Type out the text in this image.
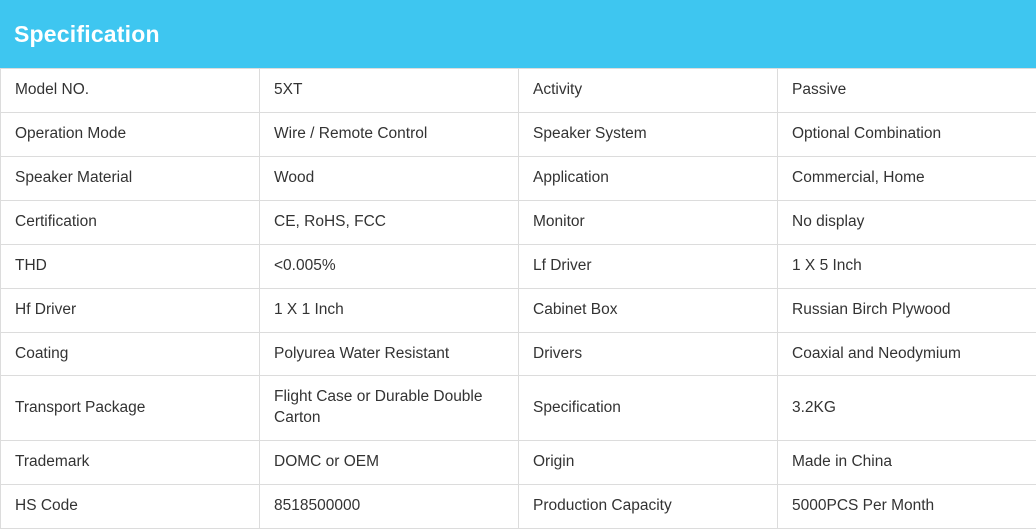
Specification
Model NO.	5XT	Activity	Passive
Operation Mode	Wire / Remote Control	Speaker System	Optional Combination
Speaker Material	Wood	Application	Commercial, Home
Certification	CE, RoHS, FCC	Monitor	No display
THD	<0.005%	Lf Driver	1 X 5 Inch
Hf Driver	1 X 1 Inch	Cabinet Box	Russian Birch Plywood
Coating	Polyurea Water Resistant	Drivers	Coaxial and Neodymium
Transport Package	Flight Case or Durable Double Carton	Specification	3.2KG
Trademark	DOMC or OEM	Origin	Made in China
HS Code	8518500000	Production Capacity	5000PCS Per Month
